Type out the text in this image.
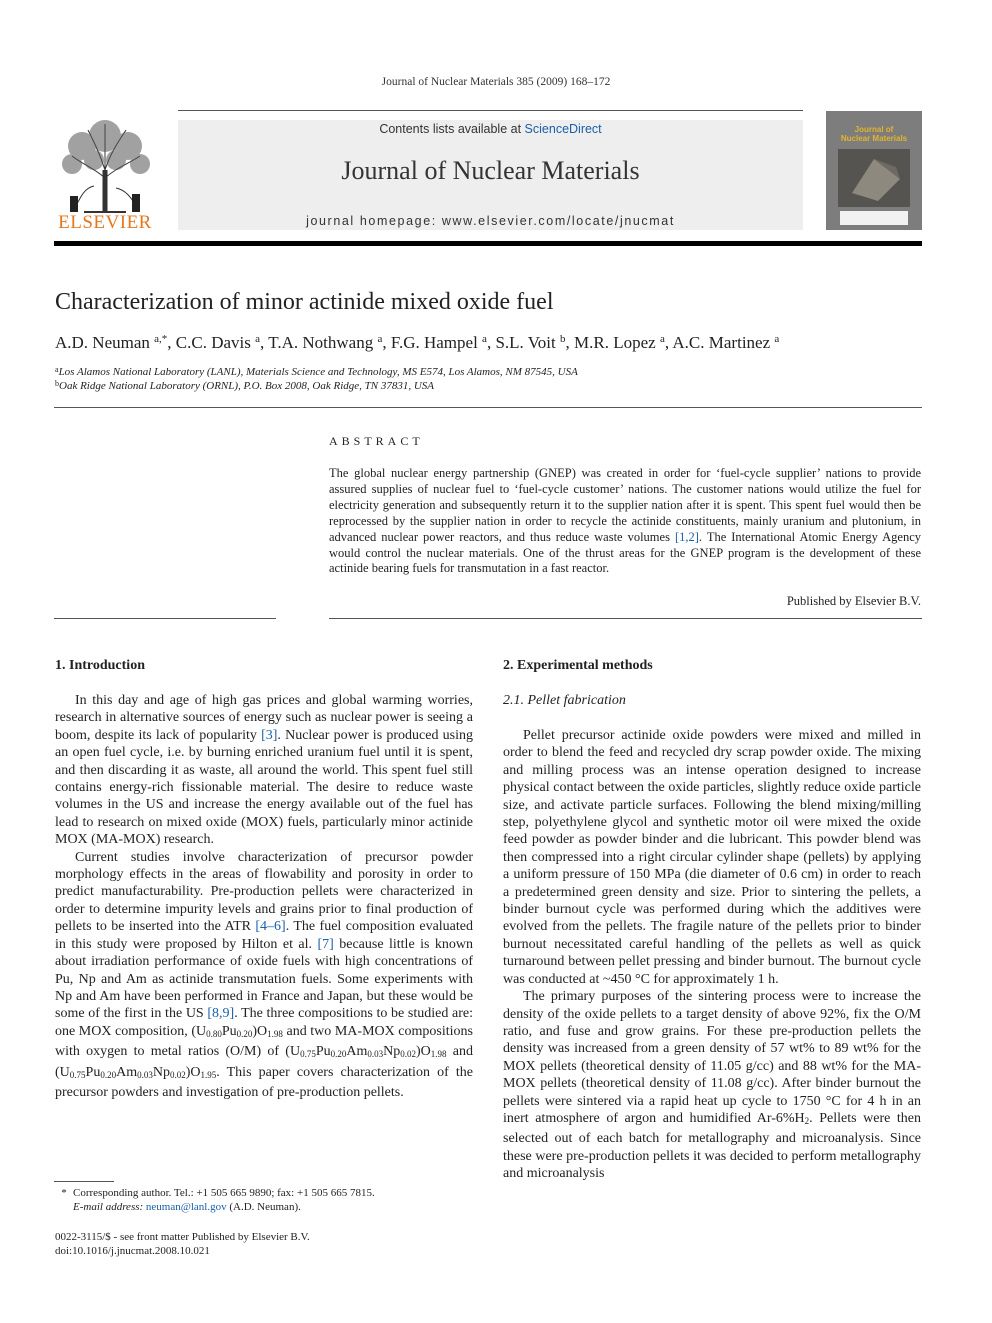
Journal of Nuclear Materials 385 (2009) 168–172
ELSEVIER
Contents lists available at ScienceDirect
Journal of Nuclear Materials
journal homepage: www.elsevier.com/locate/jnucmat
Journal of
Nuclear Materials
Characterization of minor actinide mixed oxide fuel
A.D. Neuman $^{a,*}$, C.C. Davis $^a$, T.A. Nothwang $^a$, F.G. Hampel $^a$, S.L. Voit $^b$, M.R. Lopez $^a$, A.C. Martinez $^a$
$^a$Los Alamos National Laboratory (LANL), Materials Science and Technology, MS E574, Los Alamos, NM 87545, USA
$^b$Oak Ridge National Laboratory (ORNL), P.O. Box 2008, Oak Ridge, TN 37831, USA
ABSTRACT
The global nuclear energy partnership (GNEP) was created in order for ‘fuel-cycle supplier’ nations to provide assured supplies of nuclear fuel to ‘fuel-cycle customer’ nations. The customer nations would utilize the fuel for electricity generation and subsequently return it to the supplier nation after it is spent. This spent fuel would then be reprocessed by the supplier nation in order to recycle the actinide constituents, mainly uranium and plutonium, in advanced nuclear power reactors, and thus reduce waste volumes [1,2]. The International Atomic Energy Agency would control the nuclear materials. One of the thrust areas for the GNEP program is the development of these actinide bearing fuels for transmutation in a fast reactor.
Published by Elsevier B.V.
1. Introduction

In this day and age of high gas prices and global warming worries, research in alternative sources of energy such as nuclear power is seeing a boom, despite its lack of popularity [3]. Nuclear power is produced using an open fuel cycle, i.e. by burning enriched uranium fuel until it is spent, and then discarding it as waste, all around the world. This spent fuel still contains energy-rich fissionable material. The desire to reduce waste volumes in the US and increase the energy available out of the fuel has lead to research on mixed oxide (MOX) fuels, particularly minor actinide MOX (MA-MOX) research.

Current studies involve characterization of precursor powder morphology effects in the areas of flowability and porosity in order to predict manufacturability. Pre-production pellets were characterized in order to determine impurity levels and grains prior to final production of pellets to be inserted into the ATR [4–6]. The fuel composition evaluated in this study were proposed by Hilton et al. [7] because little is known about irradiation performance of oxide fuels with high concentrations of Pu, Np and Am as actinide transmutation fuels. Some experiments with Np and Am have been performed in France and Japan, but these would be some of the first in the US [8,9]. The three compositions to be studied are: one MOX composition, $(U_{0.80}Pu_{0.20})O_{1.98}$ and two MA-MOX compositions with oxygen to metal ratios (O/M) of $(U_{0.75}Pu_{0.20}Am_{0.03}Np_{0.02})O_{1.98}$ and $(U_{0.75}Pu_{0.20}Am_{0.03}Np_{0.02})O_{1.95}$. This paper covers characterization of the precursor powders and investigation of pre-production pellets.

2. Experimental methods
2.1. Pellet fabrication

Pellet precursor actinide oxide powders were mixed and milled in order to blend the feed and recycled dry scrap powder oxide. The mixing and milling process was an intense operation designed to increase physical contact between the oxide particles, slightly reduce oxide particle size, and activate particle surfaces. Following the blend mixing/milling step, polyethylene glycol and synthetic motor oil were mixed the oxide feed powder as powder binder and die lubricant. This powder blend was then compressed into a right circular cylinder shape (pellets) by applying a uniform pressure of 150 MPa (die diameter of 0.6 cm) in order to reach a predetermined green density and size. Prior to sintering the pellets, a binder burnout cycle was performed during which the additives were evolved from the pellets. The fragile nature of the pellets prior to binder burnout necessitated careful handling of the pellets as well as quick turnaround between pellet pressing and binder burnout. The burnout cycle was conducted at ~450 °C for approximately 1 h.

The primary purposes of the sintering process were to increase the density of the oxide pellets to a target density of above 92%, fix the O/M ratio, and fuse and grow grains. For these pre-production pellets the density was increased from a green density of 57 wt% to 89 wt% for the MOX pellets (theoretical density of 11.05 g/cc) and 88 wt% for the MA-MOX pellets (theoretical density of 11.08 g/cc). After binder burnout the pellets were sintered via a rapid heat up cycle to 1750 °C for 4 h in an inert atmosphere of argon and humidified $Ar-6\%H_2$. Pellets were then selected out of each batch for metallography and microanalysis. Since these were pre-production pellets it was decided to perform metallography and microanalysis

* Corresponding author. Tel.: +1 505 665 9890; fax: +1 505 665 7815.
E-mail address: neuman@lanl.gov (A.D. Neuman).
0022-3115/$ - see front matter Published by Elsevier B.V.
doi:10.1016/j.jnucmat.2008.10.021
